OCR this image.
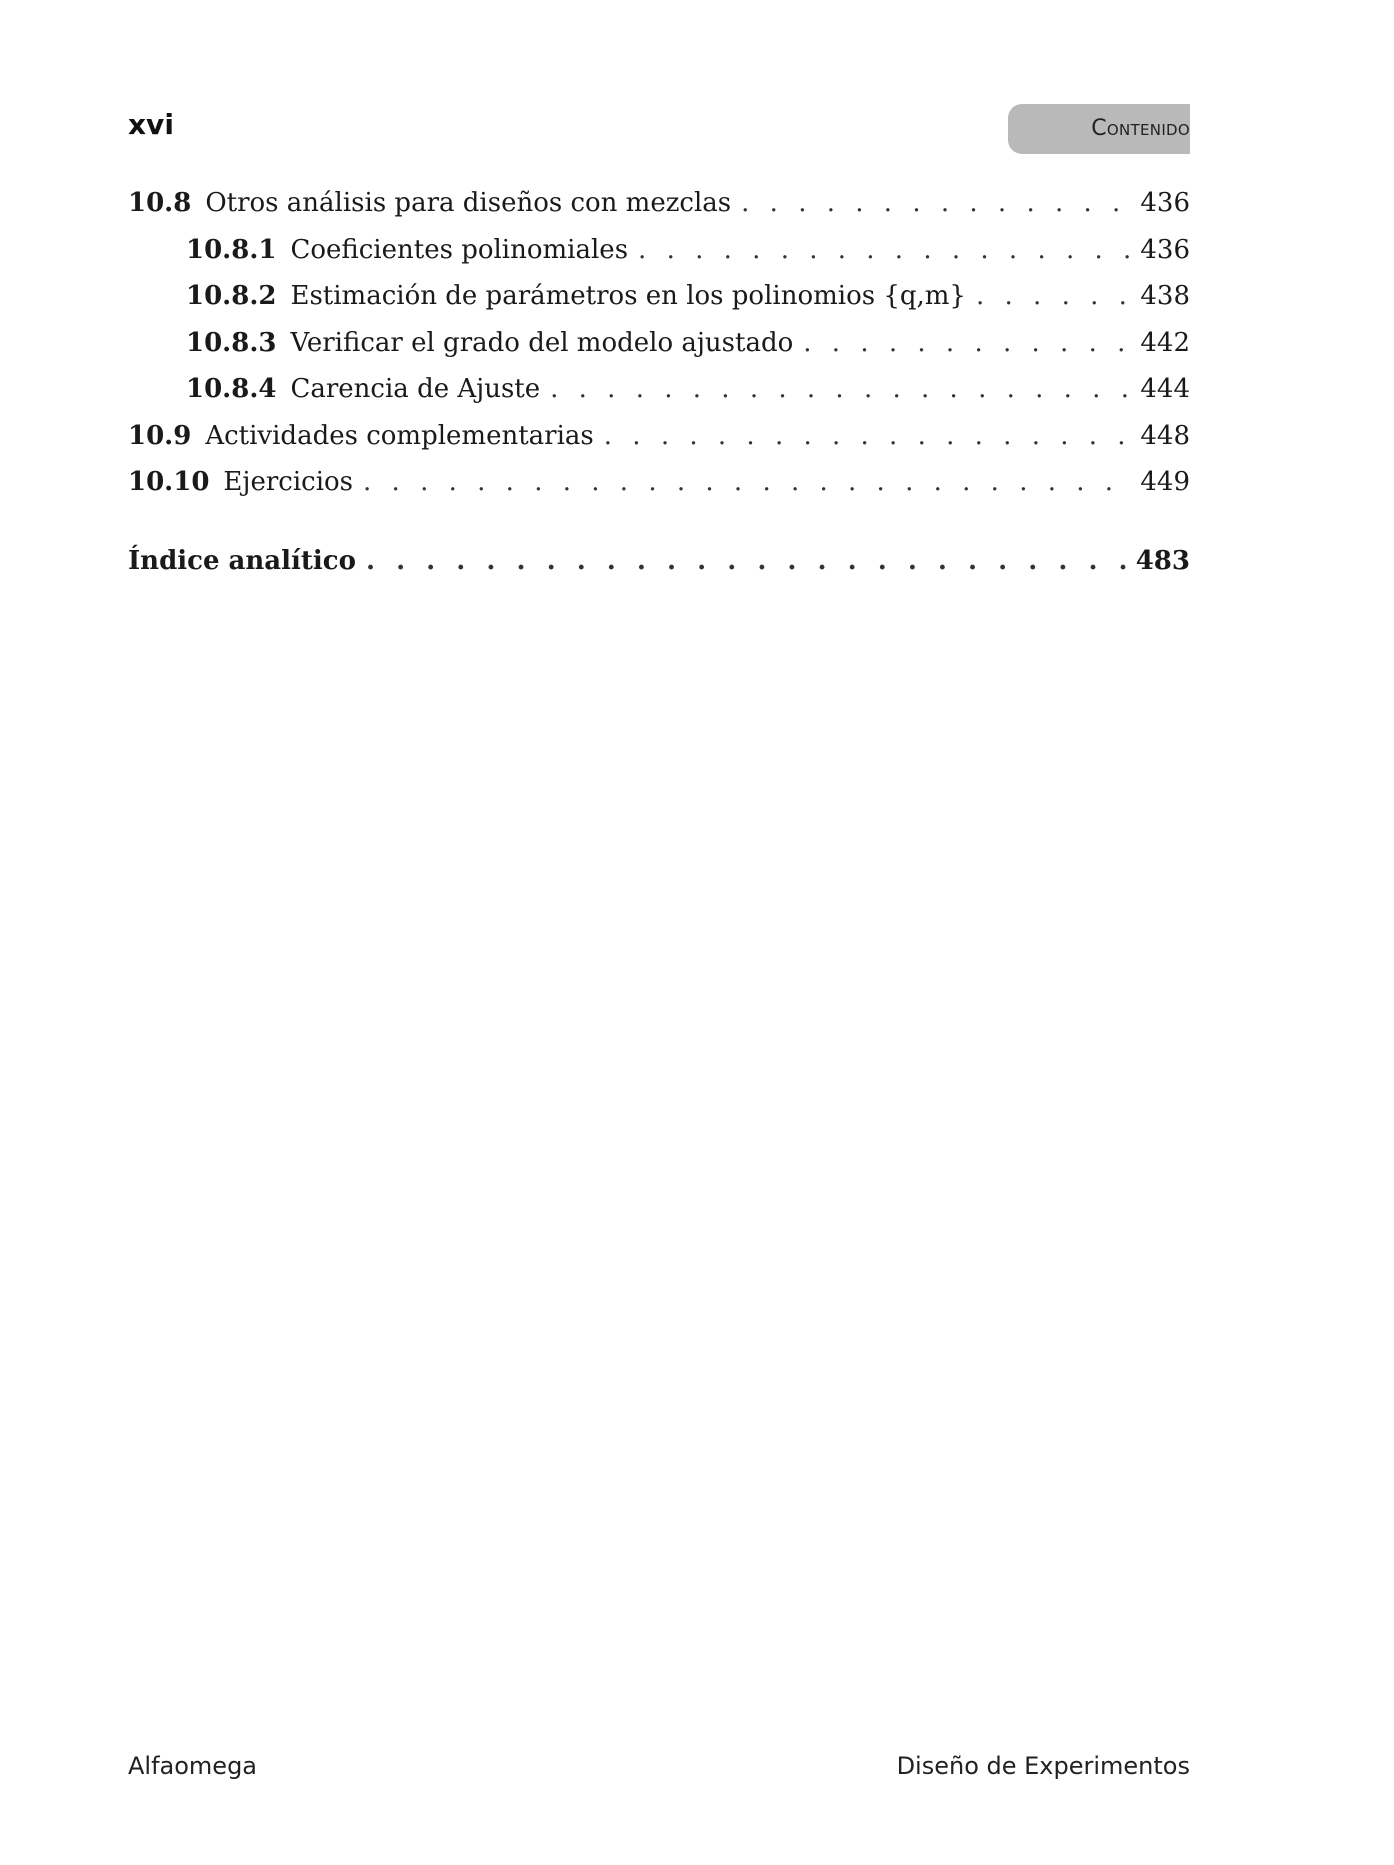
xvi	Contenido
10.8 Otros análisis para diseños con mezclas . . .	436
10.8.1 Coeficientes polinomiales . . .	436
10.8.2 Estimación de parámetros en los polinomios {q,m} . . .	438
10.8.3 Verificar el grado del modelo ajustado . . .	442
10.8.4 Carencia de Ajuste . . .	444
10.9 Actividades complementarias . . .	448
10.10 Ejercicios . . .	449
Índice analítico . . .	483
Alfaomega	Diseño de Experimentos
